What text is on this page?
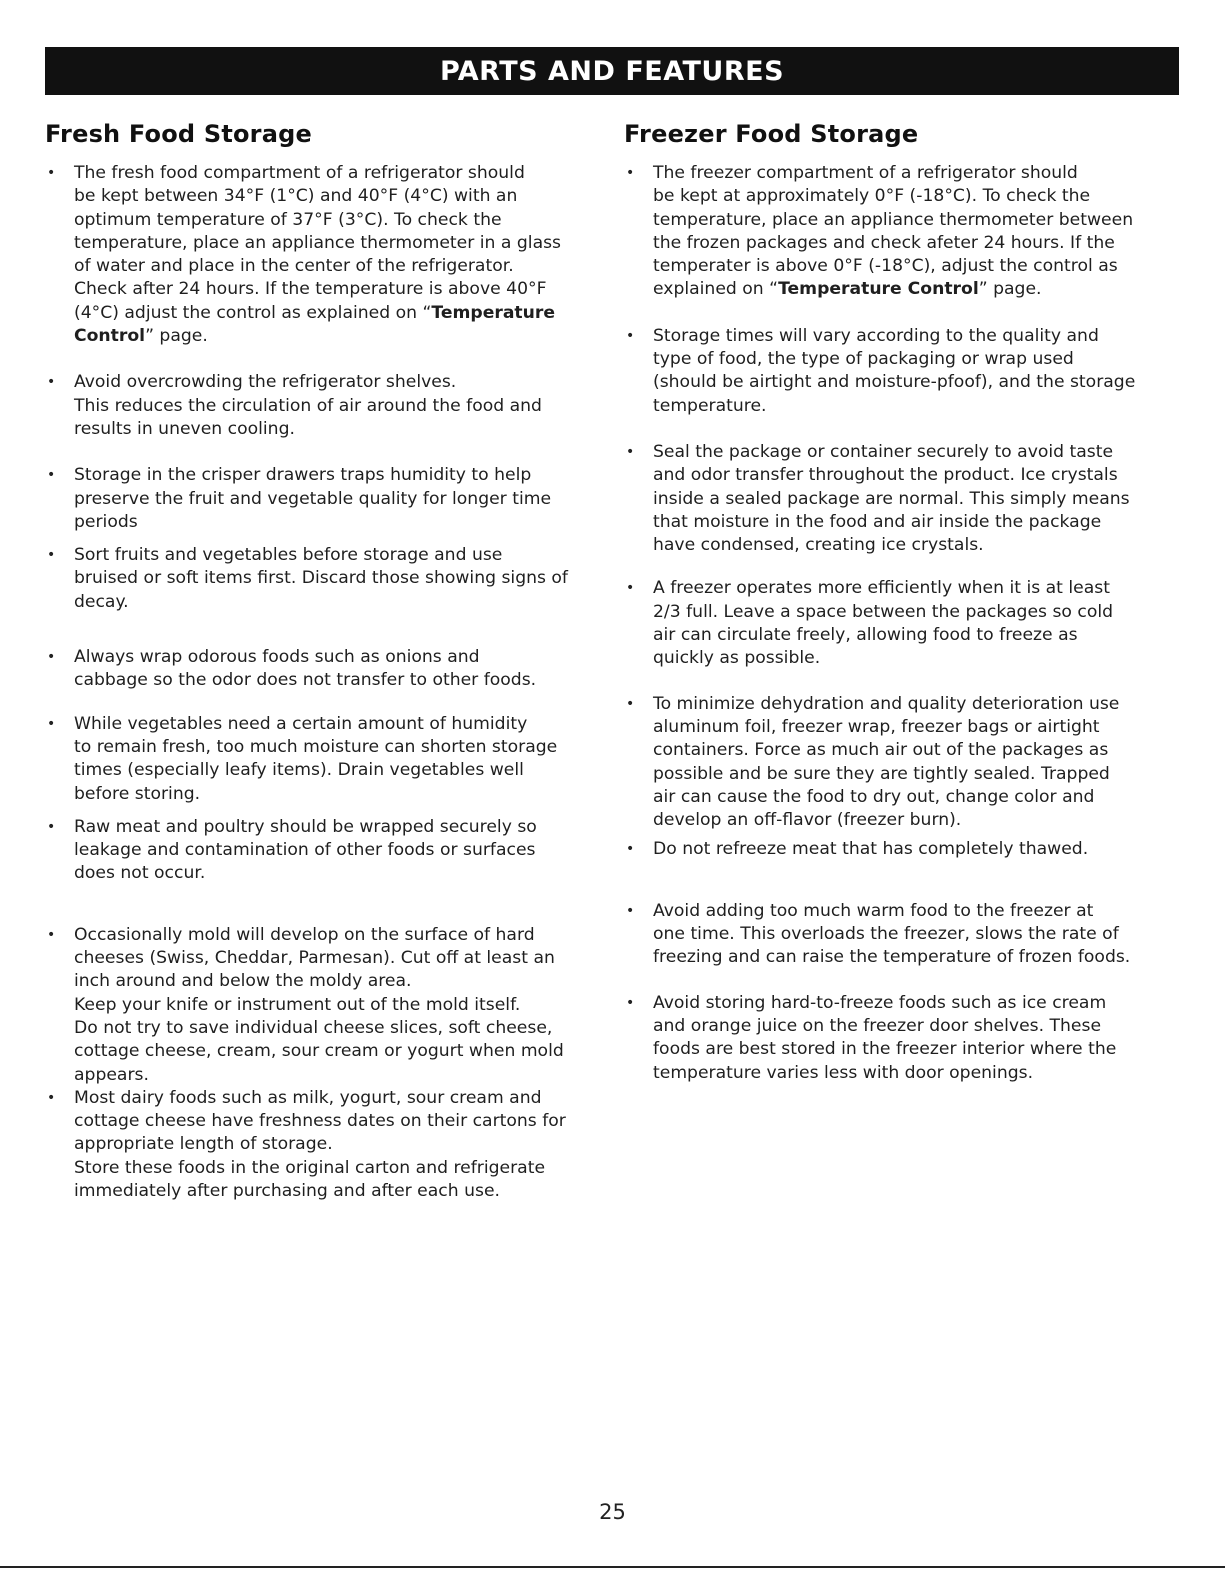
PARTS AND FEATURES
Fresh Food Storage
• The fresh food compartment of a refrigerator should
be kept between 34°F (1°C) and 40°F (4°C) with an
optimum temperature of 37°F (3°C). To check the
temperature, place an appliance thermometer in a glass
of water and place in the center of the refrigerator.
Check after 24 hours. If the temperature is above 40°F
(4°C) adjust the control as explained on “Temperature
Control” page.
• Avoid overcrowding the refrigerator shelves.
This reduces the circulation of air around the food and
results in uneven cooling.
• Storage in the crisper drawers traps humidity to help
preserve the fruit and vegetable quality for longer time
periods
• Sort fruits and vegetables before storage and use
bruised or soft items first. Discard those showing signs of
decay.
• Always wrap odorous foods such as onions and
cabbage so the odor does not transfer to other foods.
• While vegetables need a certain amount of humidity
to remain fresh, too much moisture can shorten storage
times (especially leafy items). Drain vegetables well
before storing.
• Raw meat and poultry should be wrapped securely so
leakage and contamination of other foods or surfaces
does not occur.
• Occasionally mold will develop on the surface of hard
cheeses (Swiss, Cheddar, Parmesan). Cut off at least an
inch around and below the moldy area.
Keep your knife or instrument out of the mold itself.
Do not try to save individual cheese slices, soft cheese,
cottage cheese, cream, sour cream or yogurt when mold
appears.
• Most dairy foods such as milk, yogurt, sour cream and
cottage cheese have freshness dates on their cartons for
appropriate length of storage.
Store these foods in the original carton and refrigerate
immediately after purchasing and after each use.
Freezer Food Storage
• The freezer compartment of a refrigerator should
be kept at approximately 0°F (-18°C). To check the
temperature, place an appliance thermometer between
the frozen packages and check afeter 24 hours. If the
temperater is above 0°F (-18°C), adjust the control as
explained on “Temperature Control” page.
• Storage times will vary according to the quality and
type of food, the type of packaging or wrap used
(should be airtight and moisture-pfoof), and the storage
temperature.
• Seal the package or container securely to avoid taste
and odor transfer throughout the product. Ice crystals
inside a sealed package are normal. This simply means
that moisture in the food and air inside the package
have condensed, creating ice crystals.
• A freezer operates more efficiently when it is at least
2/3 full. Leave a space between the packages so cold
air can circulate freely, allowing food to freeze as
quickly as possible.
• To minimize dehydration and quality deterioration use
aluminum foil, freezer wrap, freezer bags or airtight
containers. Force as much air out of the packages as
possible and be sure they are tightly sealed. Trapped
air can cause the food to dry out, change color and
develop an off-flavor (freezer burn).
• Do not refreeze meat that has completely thawed.
• Avoid adding too much warm food to the freezer at
one time. This overloads the freezer, slows the rate of
freezing and can raise the temperature of frozen foods.
• Avoid storing hard-to-freeze foods such as ice cream
and orange juice on the freezer door shelves. These
foods are best stored in the freezer interior where the
temperature varies less with door openings.
25
